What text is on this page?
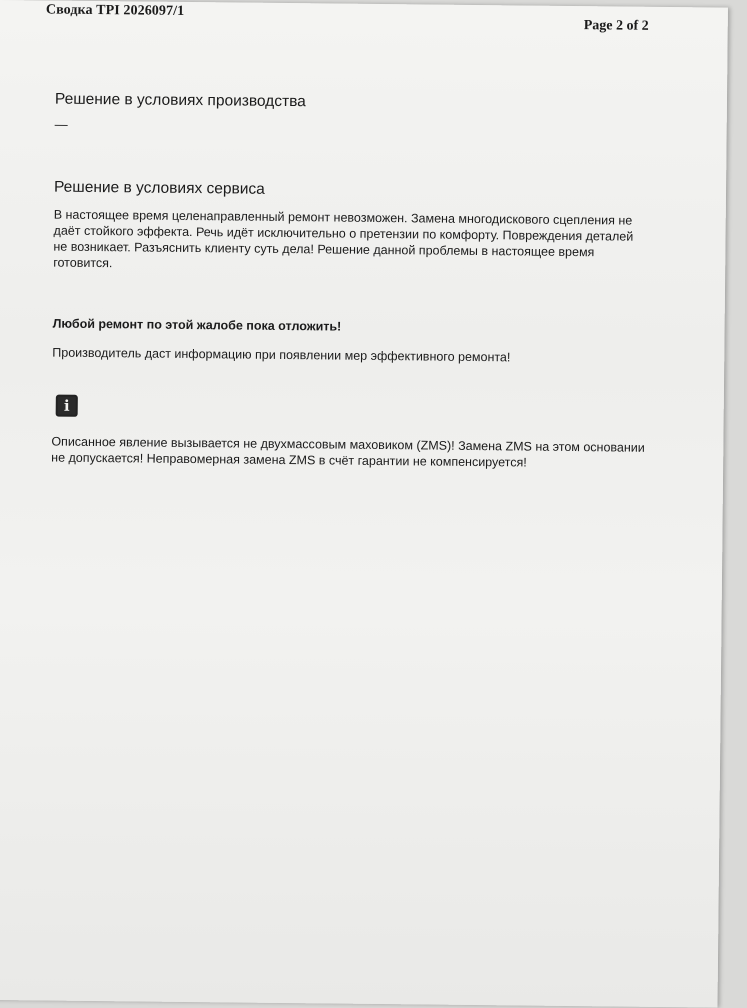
Сводка TPI 2026097/1
Page 2 of 2
Решение в условиях производства
—
Решение в условиях сервиса

В настоящее время целенаправленный ремонт невозможен. Замена многодискового сцепления не даёт стойкого эффекта. Речь идёт исключительно о претензии по комфорту. Повреждения деталей не возникает. Разъяснить клиенту суть дела! Решение данной проблемы в настоящее время готовится.

Любой ремонт по этой жалобе пока отложить!
Производитель даст информацию при появлении мер эффективного ремонта!
i

Описанное явление вызывается не двухмассовым маховиком (ZMS)! Замена ZMS на этом основании не допускается! Неправомерная замена ZMS в счёт гарантии не компенсируется!
